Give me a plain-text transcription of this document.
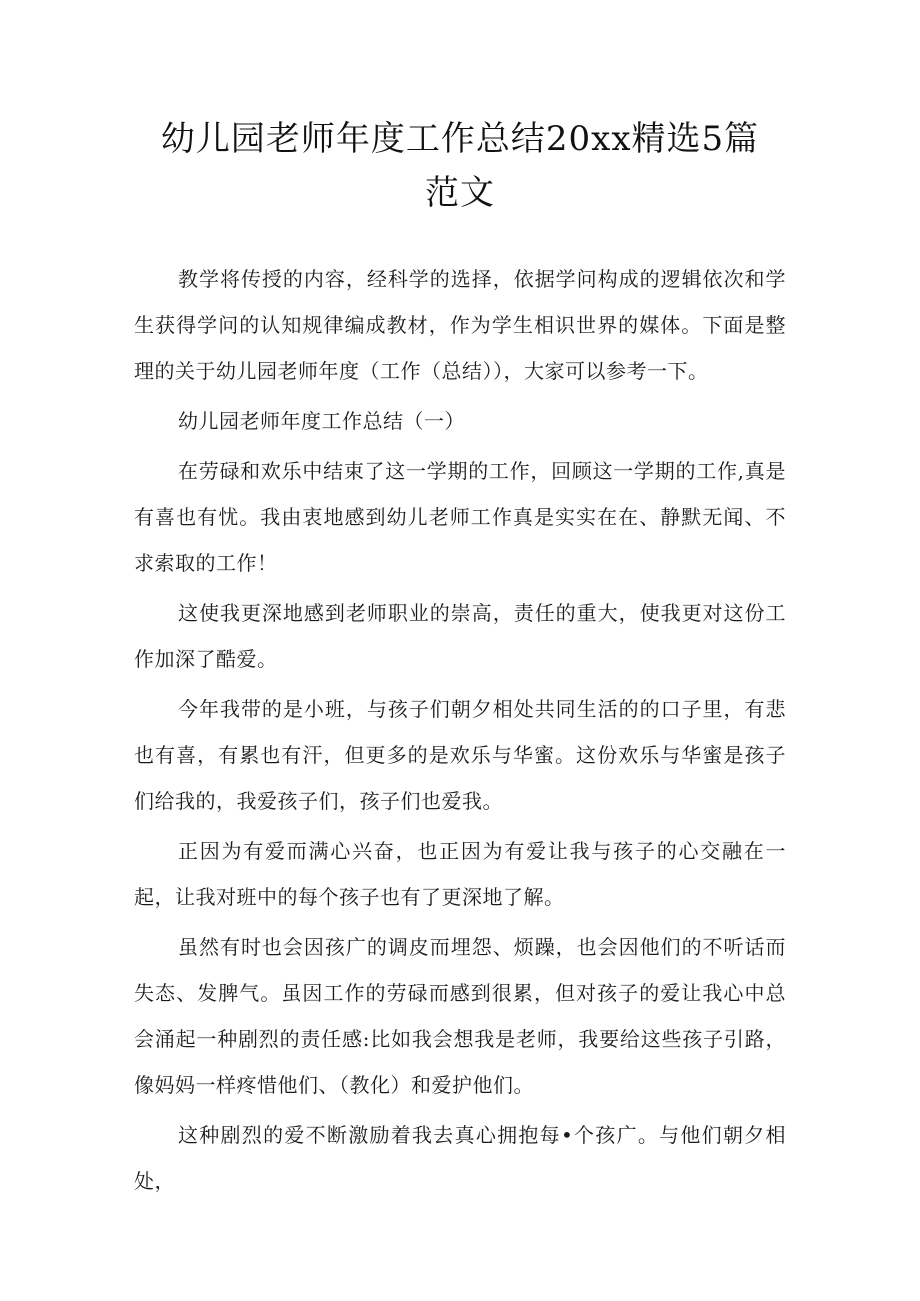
幼儿园老师年度工作总结20xx精选5篇范文

教学将传授的内容，经科学的选择，依据学问构成的逻辑依次和学生获得学问的认知规律编成教材，作为学生相识世界的媒体。下面是整理的关于幼儿园老师年度（工作（总结）），大家可以参考一下。

幼儿园老师年度工作总结（一）

在劳碌和欢乐中结束了这一学期的工作，回顾这一学期的工作,真是有喜也有忧。我由衷地感到幼儿老师工作真是实实在在、静默无闻、不求索取的工作！

这使我更深地感到老师职业的崇高，责任的重大，使我更对这份工作加深了酷爱。

今年我带的是小班，与孩子们朝夕相处共同生活的的口子里，有悲也有喜，有累也有汗，但更多的是欢乐与华蜜。这份欢乐与华蜜是孩子们给我的，我爱孩子们，孩子们也爱我。

正因为有爱而满心兴奋，也正因为有爱让我与孩子的心交融在一起，让我对班中的每个孩子也有了更深地了解。

虽然有时也会因孩广的调皮而埋怨、烦躁，也会因他们的不听话而失态、发脾气。虽因工作的劳碌而感到很累，但对孩子的爱让我心中总会涌起一种剧烈的责任感:比如我会想我是老师，我要给这些孩子引路，像妈妈一样疼惜他们、（教化）和爱护他们。

这种剧烈的爱不断激励着我去真心拥抱每•个孩广。与他们朝夕相处，
